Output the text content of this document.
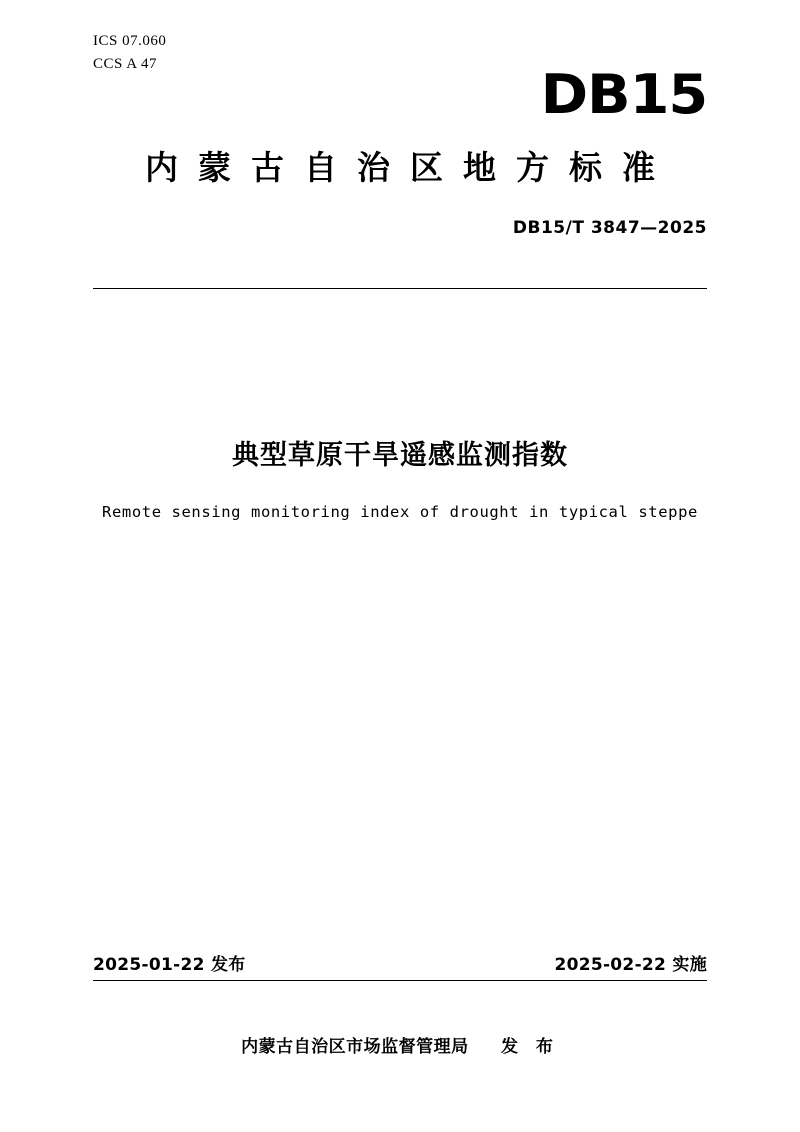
ICS 07.060
CCS A 47	DB15
内蒙古自治区地方标准
DB15/T 3847—2025
典型草原干旱遥感监测指数
Remote sensing monitoring index of drought in typical steppe
2025-01-22 发布	2025-02-22 实施
内蒙古自治区市场监督管理局 发 布
